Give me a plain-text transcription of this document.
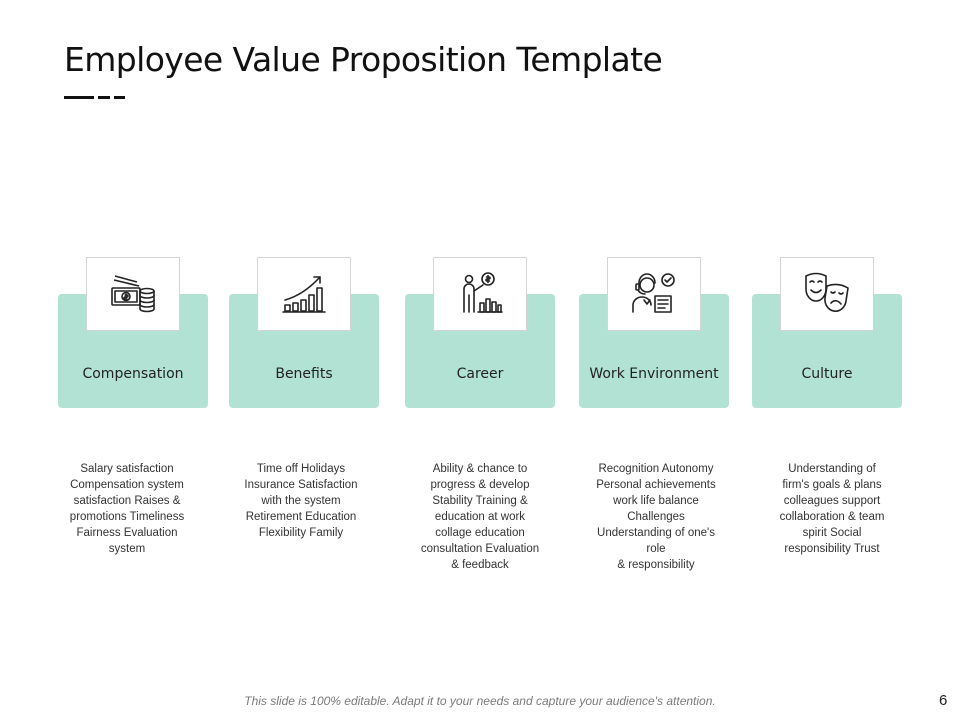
Employee Value Proposition Template
Compensation
Salary satisfaction
Compensation system
satisfaction Raises &
promotions Timeliness
Fairness Evaluation
system
Benefits
Time off Holidays
Insurance Satisfaction
with the system
Retirement Education
Flexibility Family
Career
Ability & chance to
progress & develop
Stability Training &
education at work
collage education
consultation Evaluation
& feedback
Work Environment
Recognition Autonomy
Personal achievements
work life balance
Challenges
Understanding of one's
role
& responsibility
Culture
Understanding of
firm's goals & plans
colleagues support
collaboration & team
spirit Social
responsibility Trust
This slide is 100% editable. Adapt it to your needs and capture your audience's attention.	6
